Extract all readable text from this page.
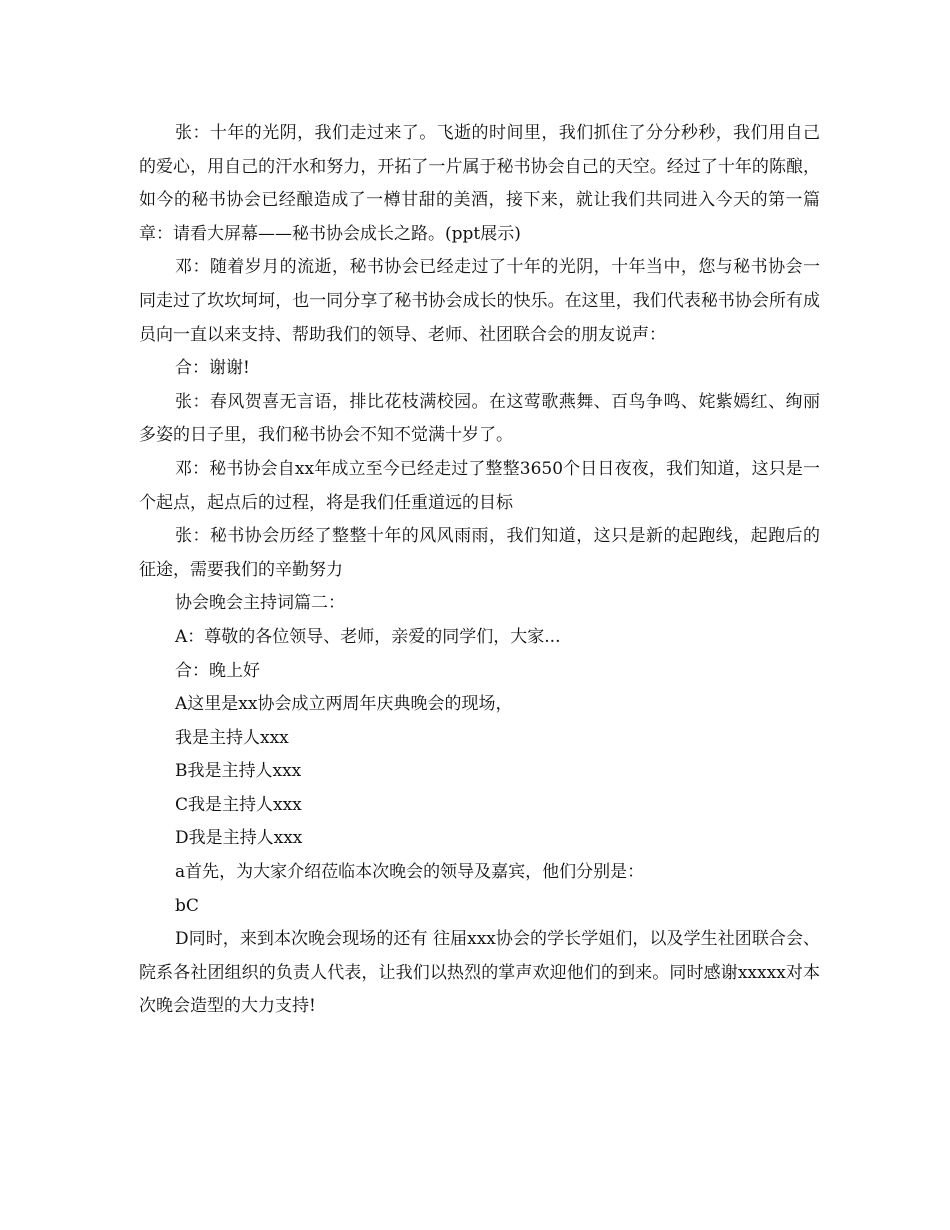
张：十年的光阴，我们走过来了。飞逝的时间里，我们抓住了分分秒秒，我们用自己的爱心，用自己的汗水和努力，开拓了一片属于秘书协会自己的天空。经过了十年的陈酿，如今的秘书协会已经酿造成了一樽甘甜的美酒，接下来，就让我们共同进入今天的第一篇章：请看大屏幕——秘书协会成长之路。(ppt展示)

邓：随着岁月的流逝，秘书协会已经走过了十年的光阴，十年当中，您与秘书协会一同走过了坎坎坷坷，也一同分享了秘书协会成长的快乐。在这里，我们代表秘书协会所有成员向一直以来支持、帮助我们的领导、老师、社团联合会的朋友说声：

合：谢谢!

张：春风贺喜无言语，排比花枝满校园。在这莺歌燕舞、百鸟争鸣、姹紫嫣红、绚丽多姿的日子里，我们秘书协会不知不觉满十岁了。

邓：秘书协会自xx年成立至今已经走过了整整3650个日日夜夜，我们知道，这只是一个起点，起点后的过程，将是我们任重道远的目标

张：秘书协会历经了整整十年的风风雨雨，我们知道，这只是新的起跑线，起跑后的征途，需要我们的辛勤努力

协会晚会主持词篇二：

A：尊敬的各位领导、老师，亲爱的同学们，大家...

合：晚上好

A这里是xx协会成立两周年庆典晚会的现场，

我是主持人xxx

B我是主持人xxx

C我是主持人xxx

D我是主持人xxx

a首先，为大家介绍莅临本次晚会的领导及嘉宾，他们分别是：

bC

D同时，来到本次晚会现场的还有 往届xxx协会的学长学姐们，以及学生社团联合会、院系各社团组织的负责人代表，让我们以热烈的掌声欢迎他们的到来。同时感谢xxxxx对本次晚会造型的大力支持!
